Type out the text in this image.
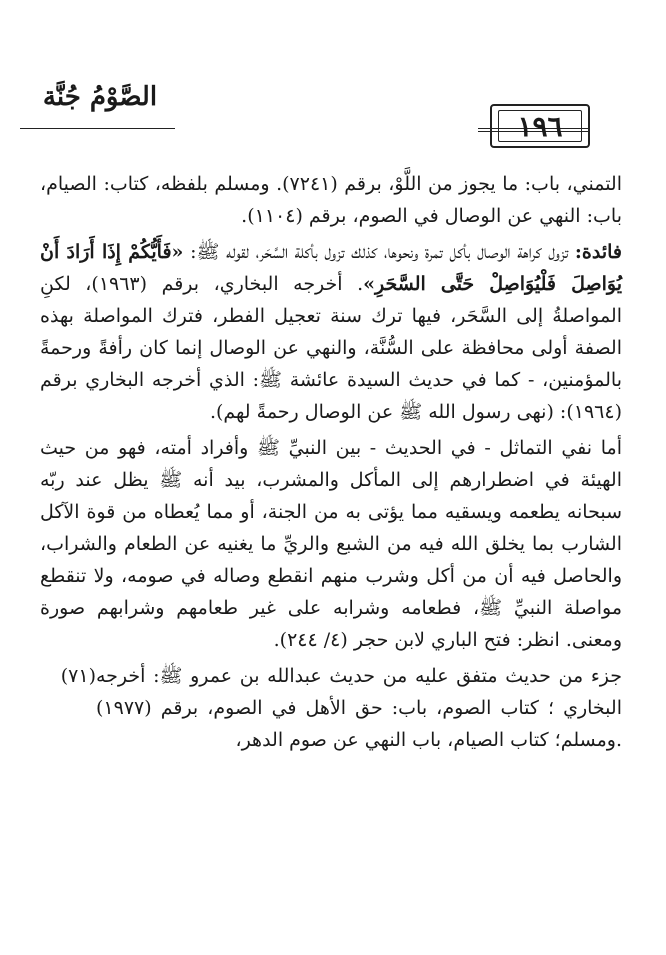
الصَّوْمُ جُنَّة
١٩٦

التمني، باب: ما يجوز من اللَّوْ، برقم (٧٢٤١). ومسلم بلفظه، كتاب: الصيام، باب: النهي عن الوصال في الصوم، برقم (١١٠٤).

فائدة: تزول كراهة الوصال بأكل تمرة ونحوها، كذلك تزول بأكلة السَّحَر، لقوله ﷺ: «فَأَيُّكُمْ إِذَا أَرَادَ أَنْ يُوَاصِلَ فَلْيُوَاصِلْ حَتَّى السَّحَرِ». أخرجه البخاري، برقم (١٩٦٣)، لكنِ المواصلةُ إلى السَّحَر، فيها ترك سنة تعجيل الفطر، فترك المواصلة بهذه الصفة أولى محافظة على السُّنَّة، والنهي عن الوصال إنما كان رأفةً ورحمةً بالمؤمنين، - كما في حديث السيدة عائشة ﷺ: الذي أخرجه البخاري برقم (١٩٦٤): (نهى رسول الله ﷺ عن الوصال رحمةً لهم).

أما نفي التماثل - في الحديث - بين النبيِّ ﷺ وأفراد أمته، فهو من حيث الهيئة في اضطرارهم إلى المأكل والمشرب، بيد أنه ﷺ يظل عند ربّه سبحانه يطعمه ويسقيه مما يؤتى به من الجنة، أو مما يُعطاه من قوة الآكل الشارب بما يخلق الله فيه من الشبع والريِّ ما يغنيه عن الطعام والشراب، والحاصل فيه أن من أكل وشرب منهم انقطع وصاله في صومه، ولا تنقطع مواصلة النبيِّ ﷺ، فطعامه وشرابه على غير طعامهم وشرابهم صورة ومعنى. انظر: فتح الباري لابن حجر (٤/ ٢٤٤).

جزء من حديث متفق عليه من حديث عبدالله بن عمرو ﷺ: أخرجه البخاري ؛ كتاب الصوم، باب: حق الأهل في الصوم، برقم (١٩٧٧) .ومسلم؛ كتاب الصيام، باب النهي عن صوم الدهر،
(٧١)
